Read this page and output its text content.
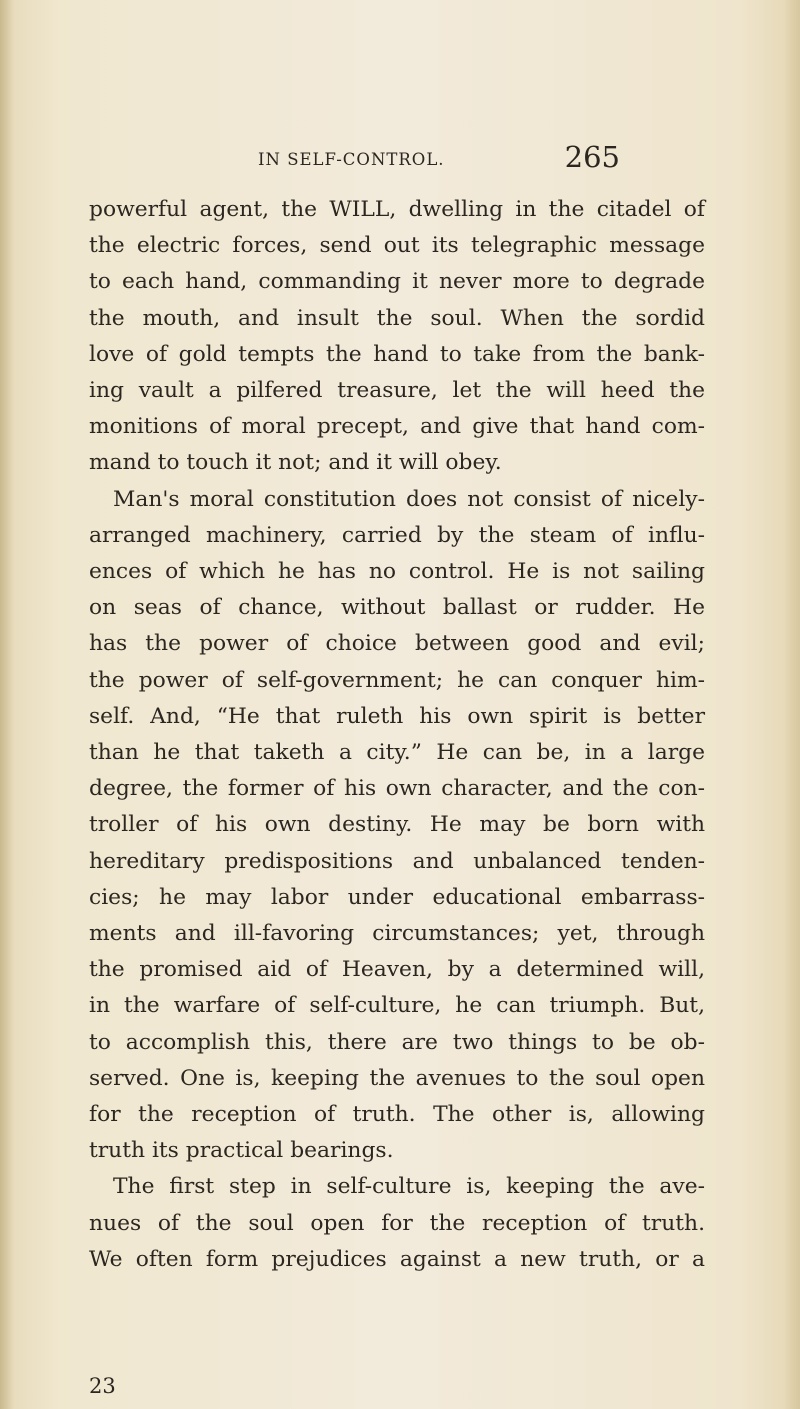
IN SELF-CONTROL.	265
powerful agent, the WILL, dwelling in the citadel of
the electric forces, send out its telegraphic message
to each hand, commanding it never more to degrade
the mouth, and insult the soul. When the sordid
love of gold tempts the hand to take from the bank-
ing vault a pilfered treasure, let the will heed the
monitions of moral precept, and give that hand com-
mand to touch it not; and it will obey.
Man's moral constitution does not consist of nicely-
arranged machinery, carried by the steam of influ-
ences of which he has no control. He is not sailing
on seas of chance, without ballast or rudder. He
has the power of choice between good and evil;
the power of self-government; he can conquer him-
self. And, “He that ruleth his own spirit is better
than he that taketh a city.” He can be, in a large
degree, the former of his own character, and the con-
troller of his own destiny. He may be born with
hereditary predispositions and unbalanced tenden-
cies; he may labor under educational embarrass-
ments and ill-favoring circumstances; yet, through
the promised aid of Heaven, by a determined will,
in the warfare of self-culture, he can triumph. But,
to accomplish this, there are two things to be ob-
served. One is, keeping the avenues to the soul open
for the reception of truth. The other is, allowing
truth its practical bearings.
The first step in self-culture is, keeping the ave-
nues of the soul open for the reception of truth.
We often form prejudices against a new truth, or a
23
